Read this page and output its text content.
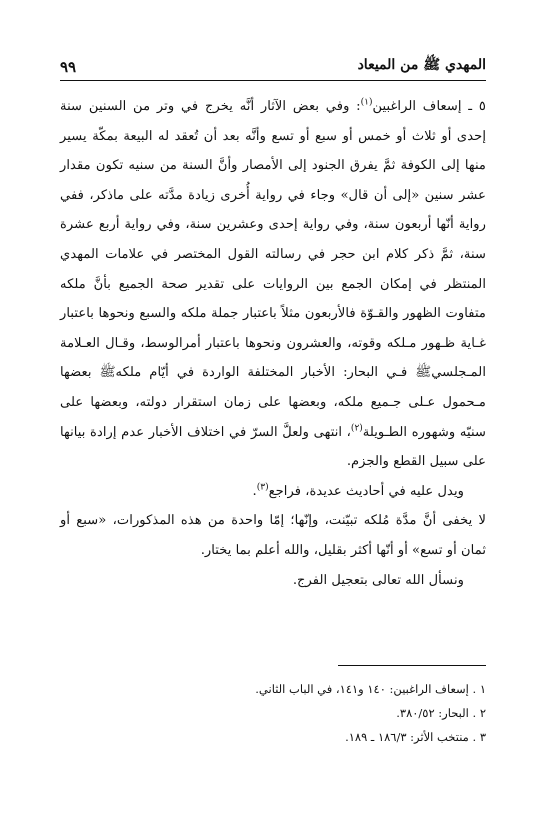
المهدي ﷺ من الميعاد
٩٩

٥ ـ إسعاف الراغبين$^{(١)}$: وفي بعض الآثار أنَّه يخرج في وتر من السنين سنة إحدى أو ثلاث أو خمس أو سبع أو تسع وأنَّه بعد أن تُعقد له البيعة بمكّة يسير منها إلى الكوفة ثمَّ يفرق الجنود إلى الأمصار وأنَّ السنة من سنيه تكون مقدار عشر سنين «إلى أن قال» وجاء في رواية أُخرى زيادة مدَّته على ماذكر، ففي رواية أنّها أربعون سنة، وفي رواية إحدى وعشرين سنة، وفي رواية أربع عشرة سنة، ثمَّ ذكر كلام ابن حجر في رسالته القول المختصر في علامات المهدي المنتظر في إمكان الجمع بين الروايات على تقدير صحة الجميع بأنَّ ملكه متفاوت الظهور والقـوّة فالأربعون مثلاً باعتبار جملة ملكه والسبع ونحوها باعتبار غـاية ظـهور مـلكه وقوته، والعشرون ونحوها باعتبار أمرالوسط، وقـال العـلامة المـجلسيﷺ فـي البحار: الأخبار المختلفة الواردة في أيّام ملكهﷺ بعضها مـحمول عـلى جـميع ملكه، وبعضها على زمان استقرار دولته، وبعضها على سنيّه وشهوره الطـويلة$^{(٢)}$، انتهى ولعلَّ السرّ في اختلاف الأخبار عدم إرادة بيانها على سبيل القطع والجزم.

ويدل عليه في أحاديث عديدة، فراجع$^{(٣)}$.

لا يخفى أنَّ مدَّة مُلكه تبيّنت، وإنّها؛ إمّا واحدة من هذه المذكورات، «سبع أو ثمان أو تسع» أو أنّها أكثر بقليل، والله أعلم بما يختار.

ونسأل الله تعالى بتعجيل الفرج.

١ . إسعاف الراغبين: ١٤٠ و١٤١، في الباب الثاني.
٢ . البحار: ٣٨٠/٥٢.
٣ . منتخب الأثر: ١٨٦/٣ ـ ١٨٩.
